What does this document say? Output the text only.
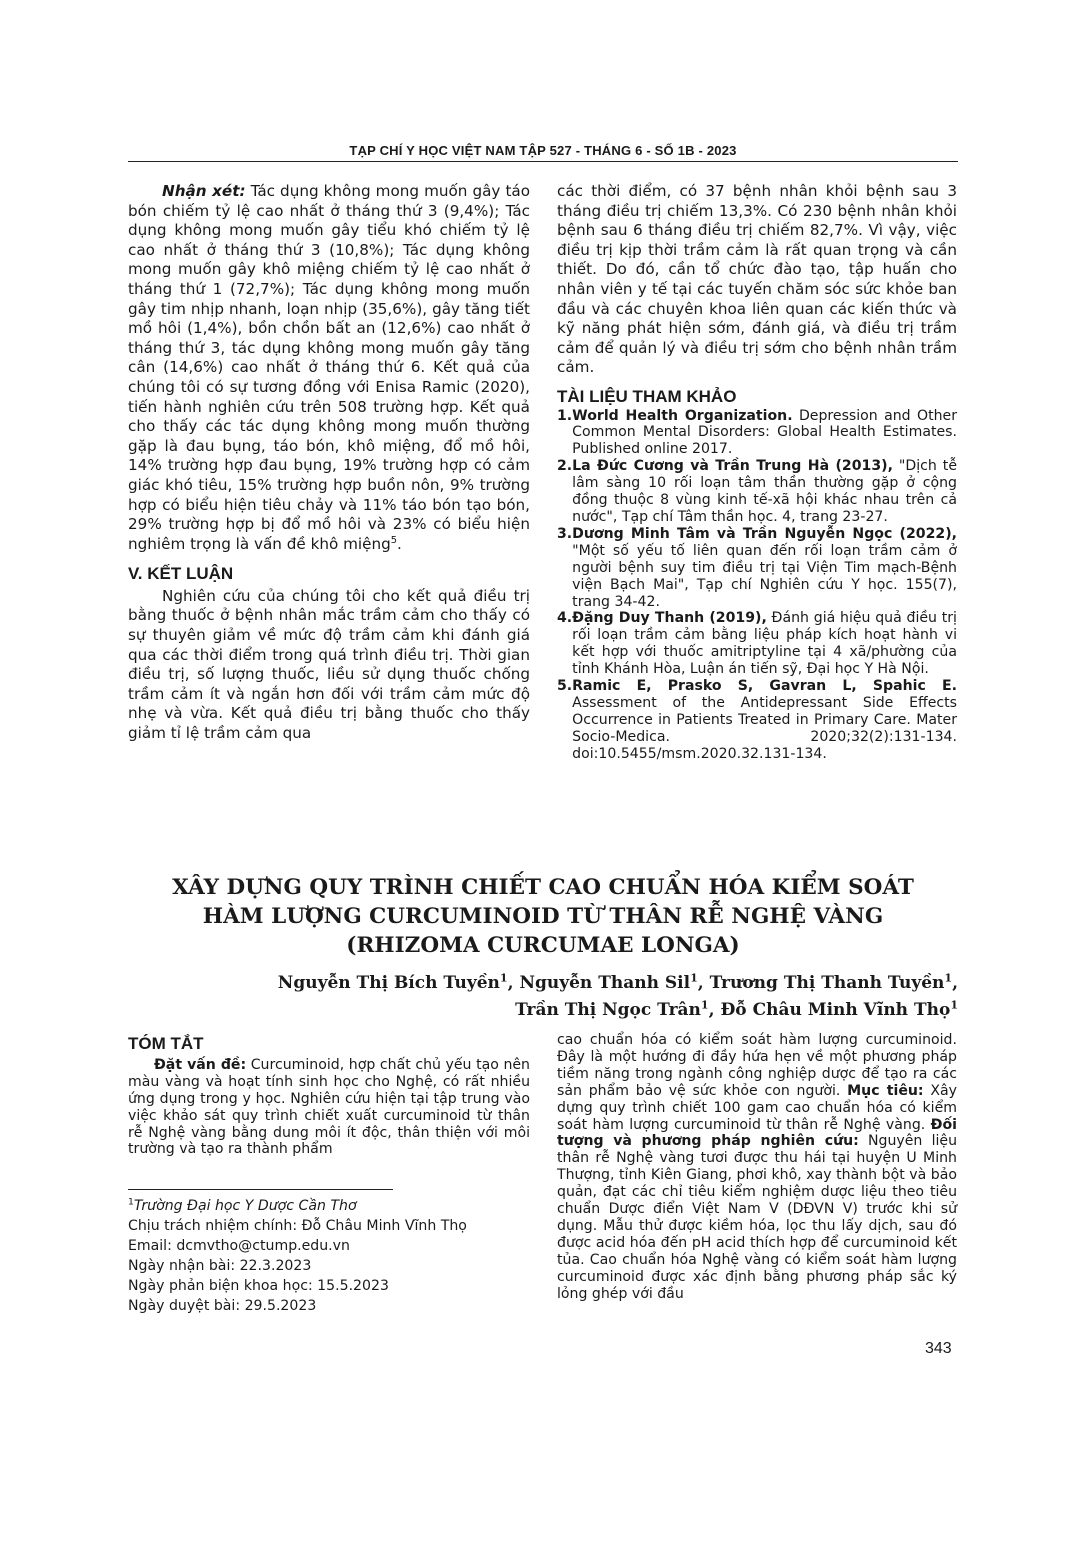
TẠP CHÍ Y HỌC VIỆT NAM TẬP 527 - THÁNG 6 - SỐ 1B - 2023

Nhận xét: Tác dụng không mong muốn gây táo bón chiếm tỷ lệ cao nhất ở tháng thứ 3 (9,4%); Tác dụng không mong muốn gây tiểu khó chiếm tỷ lệ cao nhất ở tháng thứ 3 (10,8%); Tác dụng không mong muốn gây khô miệng chiếm tỷ lệ cao nhất ở tháng thứ 1 (72,7%); Tác dụng không mong muốn gây tim nhịp nhanh, loạn nhịp (35,6%), gây tăng tiết mồ hôi (1,4%), bồn chồn bất an (12,6%) cao nhất ở tháng thứ 3, tác dụng không mong muốn gây tăng cân (14,6%) cao nhất ở tháng thứ 6. Kết quả của chúng tôi có sự tương đồng với Enisa Ramic (2020), tiến hành nghiên cứu trên 508 trường hợp. Kết quả cho thấy các tác dụng không mong muốn thường gặp là đau bụng, táo bón, khô miệng, đổ mồ hôi, 14% trường hợp đau bụng, 19% trường hợp có cảm giác khó tiêu, 15% trường hợp buồn nôn, 9% trường hợp có biểu hiện tiêu chảy và 11% táo bón tạo bón, 29% trường hợp bị đổ mồ hôi và 23% có biểu hiện nghiêm trọng là vấn đề khô miệng$^5$.

V. KẾT LUẬN

Nghiên cứu của chúng tôi cho kết quả điều trị bằng thuốc ở bệnh nhân mắc trầm cảm cho thấy có sự thuyên giảm về mức độ trầm cảm khi đánh giá qua các thời điểm trong quá trình điều trị. Thời gian điều trị, số lượng thuốc, liều sử dụng thuốc chống trầm cảm ít và ngắn hơn đối với trầm cảm mức độ nhẹ và vừa. Kết quả điều trị bằng thuốc cho thấy giảm tỉ lệ trầm cảm qua

các thời điểm, có 37 bệnh nhân khỏi bệnh sau 3 tháng điều trị chiếm 13,3%. Có 230 bệnh nhân khỏi bệnh sau 6 tháng điều trị chiếm 82,7%. Vì vậy, việc điều trị kịp thời trầm cảm là rất quan trọng và cần thiết. Do đó, cần tổ chức đào tạo, tập huấn cho nhân viên y tế tại các tuyến chăm sóc sức khỏe ban đầu và các chuyên khoa liên quan các kiến thức và kỹ năng phát hiện sớm, đánh giá, và điều trị trầm cảm để quản lý và điều trị sớm cho bệnh nhân trầm cảm.

TÀI LIỆU THAM KHẢO

1. World Health Organization. Depression and Other Common Mental Disorders: Global Health Estimates. Published online 2017.
2. La Đức Cương và Trần Trung Hà (2013), "Dịch tễ lâm sàng 10 rối loạn tâm thần thường gặp ở cộng đồng thuộc 8 vùng kinh tế-xã hội khác nhau trên cả nước", Tạp chí Tâm thần học. 4, trang 23-27.
3. Dương Minh Tâm và Trần Nguyễn Ngọc (2022), "Một số yếu tố liên quan đến rối loạn trầm cảm ở người bệnh suy tim điều trị tại Viện Tim mạch-Bệnh viện Bạch Mai", Tạp chí Nghiên cứu Y học. 155(7), trang 34-42.
4. Đặng Duy Thanh (2019), Đánh giá hiệu quả điều trị rối loạn trầm cảm bằng liệu pháp kích hoạt hành vi kết hợp với thuốc amitriptyline tại 4 xã/phường của tỉnh Khánh Hòa, Luận án tiến sỹ, Đại học Y Hà Nội.
5. Ramic E, Prasko S, Gavran L, Spahic E. Assessment of the Antidepressant Side Effects Occurrence in Patients Treated in Primary Care. Mater Socio-Medica. 2020;32(2):131-134. doi:10.5455/msm.2020.32.131-134.
XÂY DỰNG QUY TRÌNH CHIẾT CAO CHUẨN HÓA KIỂM SOÁT
HÀM LƯỢNG CURCUMINOID TỪ THÂN RỄ NGHỆ VÀNG
(RHIZOMA CURCUMAE LONGA)
Nguyễn Thị Bích Tuyền$^1$, Nguyễn Thanh Sil$^1$, Trương Thị Thanh Tuyền$^1$,
Trần Thị Ngọc Trân$^1$, Đỗ Châu Minh Vĩnh Thọ$^1$

TÓM TẮT

Đặt vấn đề: Curcuminoid, hợp chất chủ yếu tạo nên màu vàng và hoạt tính sinh học cho Nghệ, có rất nhiều ứng dụng trong y học. Nghiên cứu hiện tại tập trung vào việc khảo sát quy trình chiết xuất curcuminoid từ thân rễ Nghệ vàng bằng dung môi ít độc, thân thiện với môi trường và tạo ra thành phẩm

cao chuẩn hóa có kiểm soát hàm lượng curcuminoid. Đây là một hướng đi đầy hứa hẹn về một phương pháp tiềm năng trong ngành công nghiệp dược để tạo ra các sản phẩm bảo vệ sức khỏe con người. Mục tiêu: Xây dựng quy trình chiết 100 gam cao chuẩn hóa có kiểm soát hàm lượng curcuminoid từ thân rễ Nghệ vàng. Đối tượng và phương pháp nghiên cứu: Nguyên liệu thân rễ Nghệ vàng tươi được thu hái tại huyện U Minh Thượng, tỉnh Kiên Giang, phơi khô, xay thành bột và bảo quản, đạt các chỉ tiêu kiểm nghiệm dược liệu theo tiêu chuẩn Dược điển Việt Nam V (DĐVN V) trước khi sử dụng. Mẫu thử được kiềm hóa, lọc thu lấy dịch, sau đó được acid hóa đến pH acid thích hợp để curcuminoid kết tủa. Cao chuẩn hóa Nghệ vàng có kiểm soát hàm lượng curcuminoid được xác định bằng phương pháp sắc ký lỏng ghép với đầu

$^1$Trường Đại học Y Dược Cần Thơ
Chịu trách nhiệm chính: Đỗ Châu Minh Vĩnh Thọ
Email: dcmvtho@ctump.edu.vn
Ngày nhận bài: 22.3.2023
Ngày phản biện khoa học: 15.5.2023
Ngày duyệt bài: 29.5.2023
343
